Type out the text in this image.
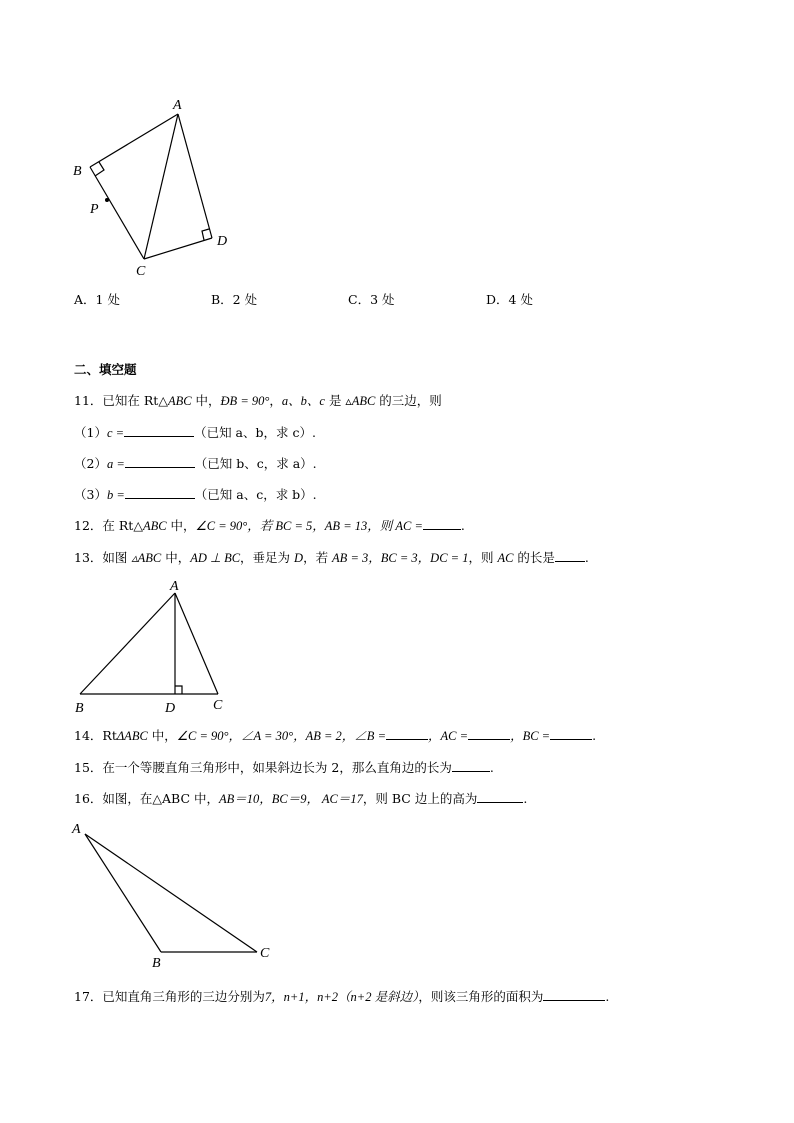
A
B
P
C
D
A．1 处	B．2 处	C．3 处	D．4 处
二、填空题
11．已知在 Rt△ABC 中，ÐB = 90°，a、b、c 是 ▵ABC 的三边，则
（1）c =	（已知 a、b，求 c）.
（2）a =	（已知 b、c，求 a）.
（3）b =	（已知 a、c，求 b）.
12．在 Rt△ABC 中，∠C = 90°，若 BC = 5，AB = 13，则 AC =	.
13．如图 ▵ABC 中，AD ⊥ BC，垂足为 D，若 AB = 3，BC = 3，DC = 1，则 AC 的长是 .
A
B	D	C
14．RtΔABC 中，∠C = 90°，∠A = 30°，AB = 2，∠B =	，AC =	，BC =	.
15．在一个等腰直角三角形中，如果斜边长为 2，那么直角边的长为	.
16．如图，在△ABC 中，AB＝10，BC＝9， AC＝17，则 BC 边上的高为	.
A
B
C
17．已知直角三角形的三边分别为7，n+1，n+2（n+2 是斜边），则该三角形的面积为	.
